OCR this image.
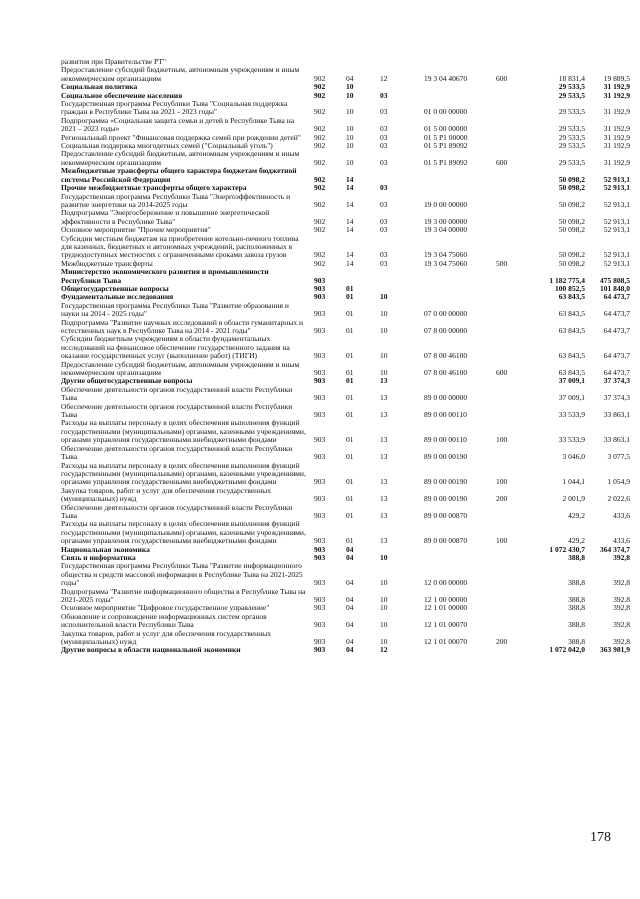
развития при Правительстве РТ"
Предоставление субсидий бюджетным, автономным учреждениям и иным некоммерческим организациям	902	04	12	19 3 04 40670	600	18 831,4	19 889,5
Социальная политика	902	10	29 533,5	31 192,9
Социальное обеспечение населения	902	10	03	29 533,5	31 192,9
Государственная программа Республики Тыва "Социальная поддержка граждан в Республике Тыва на 2021 - 2023 годы"	902	10	03	01 0 00 00000	29 533,5	31 192,9
Подпрограмма «Социальная защита семьи и детей в Республике Тыва на 2021 – 2023 годы»	902	10	03	01 5 00 00000	29 533,5	31 192,9
Региональный проект "Финансовая поддержка семей при рождении детей"	902	10	03	01 5 P1 00000	29 533,5	31 192,9
Социальная поддержка многодетных семей ("Социальный уголь")	902	10	03	01 5 P1 89092	29 533,5	31 192,9
Предоставление субсидий бюджетным, автономным учреждениям и иным некоммерческим организациям	902	10	03	01 5 P1 89092	600	29 533,5	31 192,9
Межбюджетные трансферты общего характера бюджетам бюджетной системы Российской Федерации	902	14	50 098,2	52 913,1
Прочие межбюджетные трансферты общего характера	902	14	03	50 098,2	52 913,1
Государственная программа Республики Тыва "Энергоэффективность и развитие энергетики на 2014-2025 годы	902	14	03	19 0 00 00000	50 098,2	52 913,1
Подпрограмма "Энергосбережение и повышение энергетической эффективности в Республике Тыва"	902	14	03	19 3 00 00000	50 098,2	52 913,1
Основное мероприятие "Прочие мероприятия"	902	14	03	19 3 04 00000	50 098,2	52 913,1
Субсидии местным бюджетам на приобретение котельно-печного топлива для казенных, бюджетных и автономных учреждений, расположенных в труднодоступных местностях с ограниченными сроками завоза грузов	902	14	03	19 3 04 75060	50 098,2	52 913,1
Межбюджетные трансферты	902	14	03	19 3 04 75060	500	50 098,2	52 913,1
Министерство экономического развития и промышленности Республики Тыва	903	1 182 775,4	475 808,5
Общегосударственные вопросы	903	01	100 852,5	101 848,0
Фундаментальные исследования	903	01	10	63 843,5	64 473,7
Государственная программа Республики Тыва "Развитие образования и науки на 2014 - 2025 годы"	903	01	10	07 0 00 00000	63 843,5	64 473,7
Подпрограмма "Развитие научных исследований в области гуманитарных и естественных наук в Республике Тыва на 2014 - 2021 годы"	903	01	10	07 8 00 00000	63 843,5	64 473,7
Субсидии бюджетным учреждениям в области фундаментальных исследований на финансовое обеспечение государственного задания на оказание государственных услуг (выполнение работ) (ТИГИ)	903	01	10	07 8 00 46100	63 843,5	64 473,7
Предоставление субсидий бюджетным, автономным учреждениям и иным некоммерческим организациям	903	01	10	07 8 00 46100	600	63 843,5	64 473,7
Другие общегосударственные вопросы	903	01	13	37 009,1	37 374,3
Обеспечение деятельности органов государственной власти Республики Тыва	903	01	13	89 0 00 00000	37 009,1	37 374,3
Обеспечение деятельности органов государственной власти Республики Тыва	903	01	13	89 0 00 00110	33 533,9	33 863,1
Расходы на выплаты персоналу в целях обеспечения выполнения функций государственными (муниципальными) органами, казенными учреждениями, органами управления государственными внебюджетными фондами	903	01	13	89 0 00 00110	100	33 533,9	33 863,1
Обеспечение деятельности органов государственной власти Республики Тыва	903	01	13	89 0 00 00190	3 046,0	3 077,5
Расходы на выплаты персоналу в целях обеспечения выполнения функций государственными (муниципальными) органами, казенными учреждениями, органами управления государственными внебюджетными фондами	903	01	13	89 0 00 00190	100	1 044,1	1 054,9
Закупка товаров, работ и услуг для обеспечения государственных (муниципальных) нужд	903	01	13	89 0 00 00190	200	2 001,9	2 022,6
Обеспечение деятельности органов государственной власти Республики Тыва	903	01	13	89 0 00 00870	429,2	433,6
Расходы на выплаты персоналу в целях обеспечения выполнения функций государственными (муниципальными) органами, казенными учреждениями, органами управления государственными внебюджетными фондами	903	01	13	89 0 00 00870	100	429,2	433,6
Национальная экономика	903	04	1 072 430,7	364 374,7
Связь и информатика	903	04	10	388,8	392,8
Государственная программа Республики Тыва "Развитие информационного общества и средств массовой информации в Республике Тыва на 2021-2025 годы"	903	04	10	12 0 00 00000	388,8	392,8
Подпрограмма "Развитие информационного общества в Республике Тыва на 2021-2025 годы"	903	04	10	12 1 00 00000	388,8	392,8
Основное мероприятие "Цифровое государственное управление"	903	04	10	12 1 01 00000	388,8	392,8
Обновление и сопровождение информационных систем органов исполнительной власти Республики Тыва	903	04	10	12 1 01 00070	388,8	392,8
Закупка товаров, работ и услуг для обеспечения государственных (муниципальных) нужд	903	04	10	12 1 01 00070	200	388,8	392,8
Другие вопросы в области национальной экономики	903	04	12	1 072 042,0	363 981,9
178
